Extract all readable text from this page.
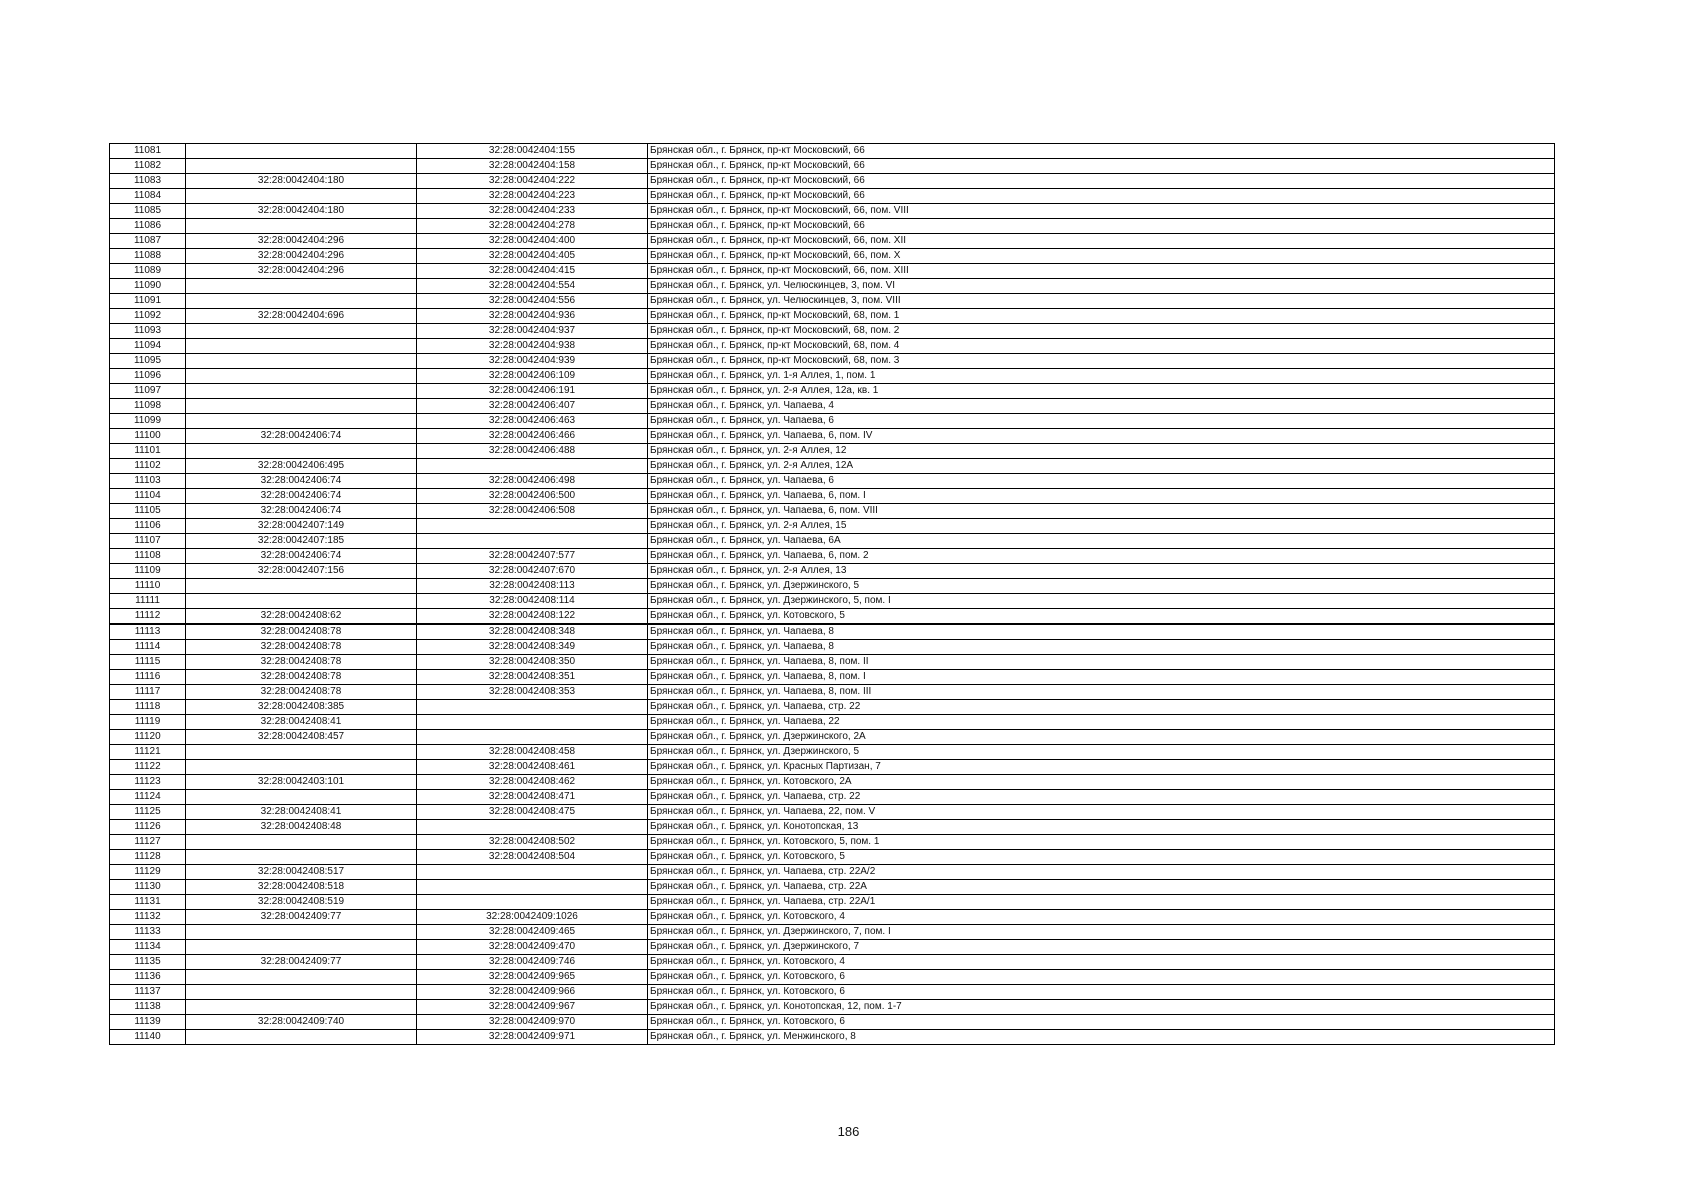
11081		32:28:0042404:155	Брянская обл., г. Брянск, пр-кт Московский, 66
11082		32:28:0042404:158	Брянская обл., г. Брянск, пр-кт Московский, 66
11083	32:28:0042404:180	32:28:0042404:222	Брянская обл., г. Брянск, пр-кт Московский, 66
11084		32:28:0042404:223	Брянская обл., г. Брянск, пр-кт Московский, 66
11085	32:28:0042404:180	32:28:0042404:233	Брянская обл., г. Брянск, пр-кт Московский, 66, пом. VIII
11086		32:28:0042404:278	Брянская обл., г. Брянск, пр-кт Московский, 66
11087	32:28:0042404:296	32:28:0042404:400	Брянская обл., г. Брянск, пр-кт Московский, 66, пом. XII
11088	32:28:0042404:296	32:28:0042404:405	Брянская обл., г. Брянск, пр-кт Московский, 66, пом. X
11089	32:28:0042404:296	32:28:0042404:415	Брянская обл., г. Брянск, пр-кт Московский, 66, пом. XIII
11090		32:28:0042404:554	Брянская обл., г. Брянск, ул. Челюскинцев, 3, пом. VI
11091		32:28:0042404:556	Брянская обл., г. Брянск, ул. Челюскинцев, 3, пом. VIII
11092	32:28:0042404:696	32:28:0042404:936	Брянская обл., г. Брянск, пр-кт Московский, 68, пом. 1
11093		32:28:0042404:937	Брянская обл., г. Брянск, пр-кт Московский, 68, пом. 2
11094		32:28:0042404:938	Брянская обл., г. Брянск, пр-кт Московский, 68, пом. 4
11095		32:28:0042404:939	Брянская обл., г. Брянск, пр-кт Московский, 68, пом. 3
11096		32:28:0042406:109	Брянская обл., г. Брянск, ул. 1-я Аллея, 1, пом. 1
11097		32:28:0042406:191	Брянская обл., г. Брянск, ул. 2-я Аллея, 12а, кв. 1
11098		32:28:0042406:407	Брянская обл., г. Брянск, ул. Чапаева, 4
11099		32:28:0042406:463	Брянская обл., г. Брянск, ул. Чапаева, 6
11100	32:28:0042406:74	32:28:0042406:466	Брянская обл., г. Брянск, ул. Чапаева, 6, пом. IV
11101		32:28:0042406:488	Брянская обл., г. Брянск, ул. 2-я Аллея, 12
11102	32:28:0042406:495		Брянская обл., г. Брянск, ул. 2-я Аллея, 12А
11103	32:28:0042406:74	32:28:0042406:498	Брянская обл., г. Брянск, ул. Чапаева, 6
11104	32:28:0042406:74	32:28:0042406:500	Брянская обл., г. Брянск, ул. Чапаева, 6, пом. I
11105	32:28:0042406:74	32:28:0042406:508	Брянская обл., г. Брянск, ул. Чапаева, 6, пом. VIII
11106	32:28:0042407:149		Брянская обл., г. Брянск, ул. 2-я Аллея, 15
11107	32:28:0042407:185		Брянская обл., г. Брянск, ул. Чапаева, 6А
11108	32:28:0042406:74	32:28:0042407:577	Брянская обл., г. Брянск, ул. Чапаева, 6, пом. 2
11109	32:28:0042407:156	32:28:0042407:670	Брянская обл., г. Брянск, ул. 2-я Аллея, 13
11110		32:28:0042408:113	Брянская обл., г. Брянск, ул. Дзержинского, 5
11111		32:28:0042408:114	Брянская обл., г. Брянск, ул. Дзержинского, 5, пом. I
11112	32:28:0042408:62	32:28:0042408:122	Брянская обл., г. Брянск, ул. Котовского, 5
11113	32:28:0042408:78	32:28:0042408:348	Брянская обл., г. Брянск, ул. Чапаева, 8
11114	32:28:0042408:78	32:28:0042408:349	Брянская обл., г. Брянск, ул. Чапаева, 8
11115	32:28:0042408:78	32:28:0042408:350	Брянская обл., г. Брянск, ул. Чапаева, 8, пом. II
11116	32:28:0042408:78	32:28:0042408:351	Брянская обл., г. Брянск, ул. Чапаева, 8, пом. I
11117	32:28:0042408:78	32:28:0042408:353	Брянская обл., г. Брянск, ул. Чапаева, 8, пом. III
11118	32:28:0042408:385		Брянская обл., г. Брянск, ул. Чапаева, стр. 22
11119	32:28:0042408:41		Брянская обл., г. Брянск, ул. Чапаева, 22
11120	32:28:0042408:457		Брянская обл., г. Брянск, ул. Дзержинского, 2А
11121		32:28:0042408:458	Брянская обл., г. Брянск, ул. Дзержинского, 5
11122		32:28:0042408:461	Брянская обл., г. Брянск, ул. Красных Партизан, 7
11123	32:28:0042403:101	32:28:0042408:462	Брянская обл., г. Брянск, ул. Котовского, 2А
11124		32:28:0042408:471	Брянская обл., г. Брянск, ул. Чапаева, стр. 22
11125	32:28:0042408:41	32:28:0042408:475	Брянская обл., г. Брянск, ул. Чапаева, 22, пом. V
11126	32:28:0042408:48		Брянская обл., г. Брянск, ул. Конотопская, 13
11127		32:28:0042408:502	Брянская обл., г. Брянск, ул. Котовского, 5, пом. 1
11128		32:28:0042408:504	Брянская обл., г. Брянск, ул. Котовского, 5
11129	32:28:0042408:517		Брянская обл., г. Брянск, ул. Чапаева, стр. 22А/2
11130	32:28:0042408:518		Брянская обл., г. Брянск, ул. Чапаева, стр. 22А
11131	32:28:0042408:519		Брянская обл., г. Брянск, ул. Чапаева, стр. 22А/1
11132	32:28:0042409:77	32:28:0042409:1026	Брянская обл., г. Брянск, ул. Котовского, 4
11133		32:28:0042409:465	Брянская обл., г. Брянск, ул. Дзержинского, 7, пом. I
11134		32:28:0042409:470	Брянская обл., г. Брянск, ул. Дзержинского, 7
11135	32:28:0042409:77	32:28:0042409:746	Брянская обл., г. Брянск, ул. Котовского, 4
11136		32:28:0042409:965	Брянская обл., г. Брянск, ул. Котовского, 6
11137		32:28:0042409:966	Брянская обл., г. Брянск, ул. Котовского, 6
11138		32:28:0042409:967	Брянская обл., г. Брянск, ул. Конотопская, 12, пом. 1-7
11139	32:28:0042409:740	32:28:0042409:970	Брянская обл., г. Брянск, ул. Котовского, 6
11140		32:28:0042409:971	Брянская обл., г. Брянск, ул. Менжинского, 8
186
